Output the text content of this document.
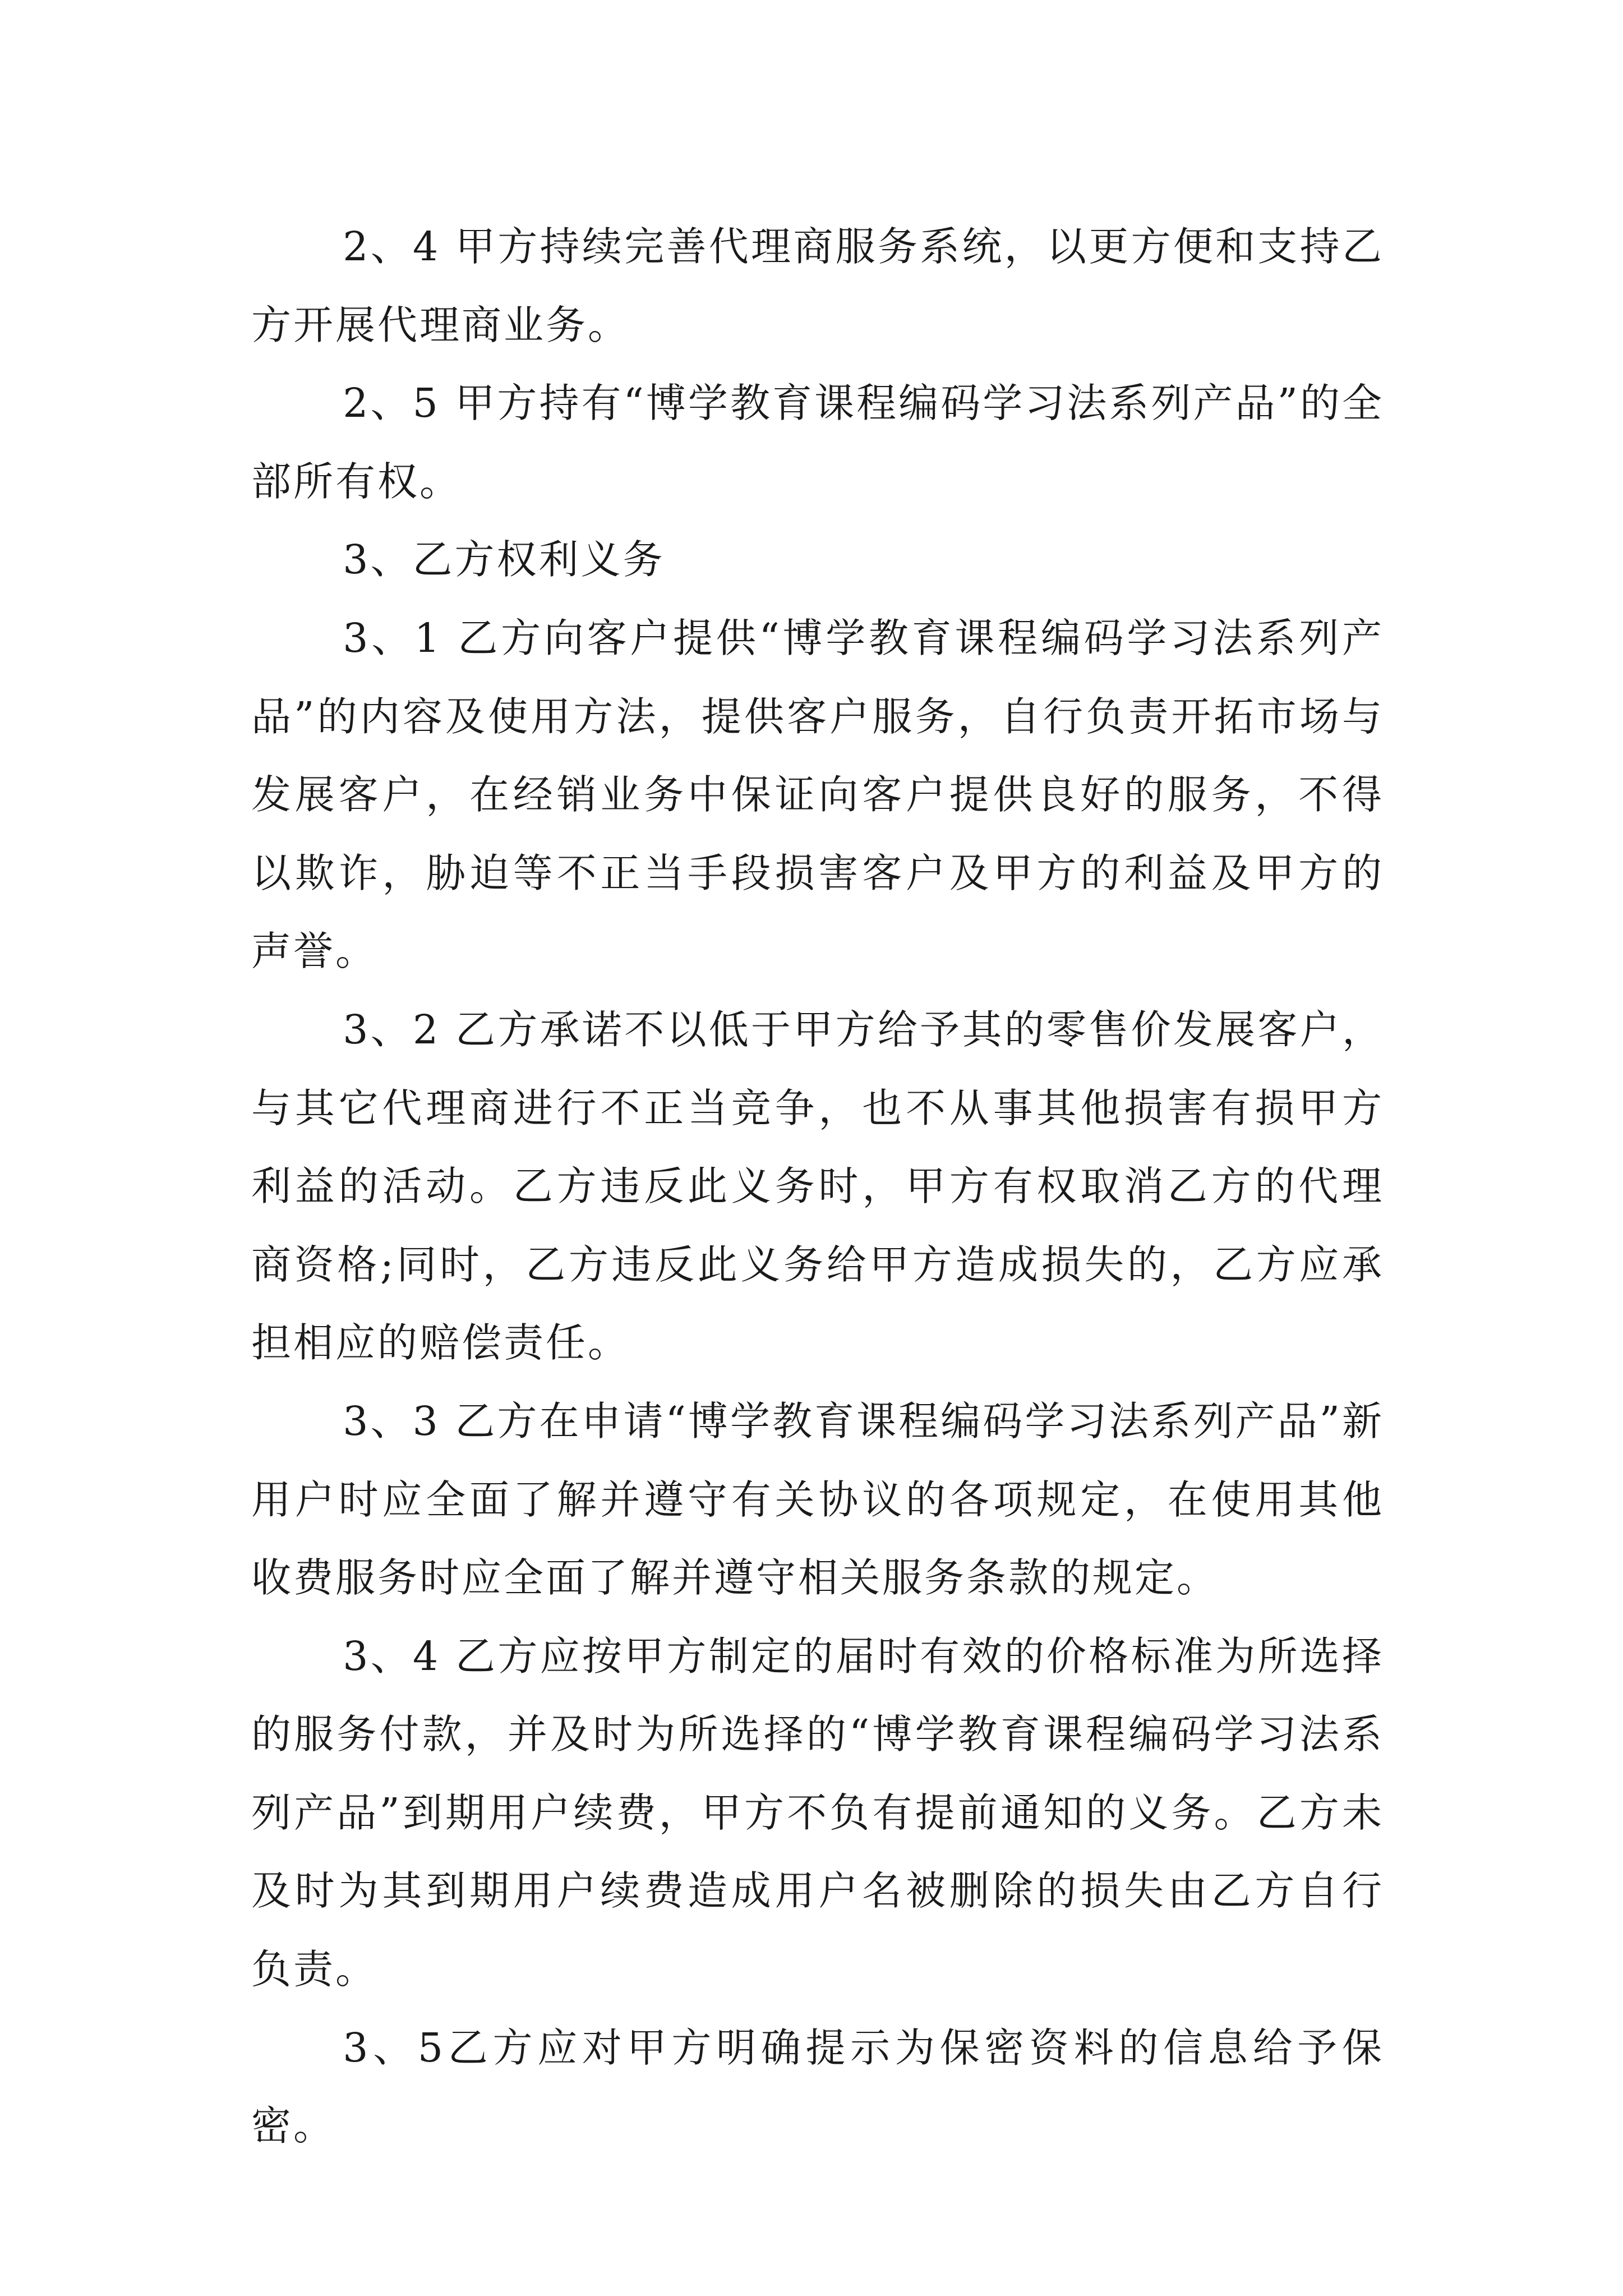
2、4 甲方持续完善代理商服务系统，以更方便和支持乙方开展代理商业务。

2、5 甲方持有“博学教育课程编码学习法系列产品”的全部所有权。

3、乙方权利义务

3、1 乙方向客户提供“博学教育课程编码学习法系列产品”的内容及使用方法，提供客户服务，自行负责开拓市场与发展客户，在经销业务中保证向客户提供良好的服务，不得以欺诈，胁迫等不正当手段损害客户及甲方的利益及甲方的声誉。

3、2 乙方承诺不以低于甲方给予其的零售价发展客户，与其它代理商进行不正当竞争，也不从事其他损害有损甲方利益的活动。乙方违反此义务时，甲方有权取消乙方的代理商资格;同时，乙方违反此义务给甲方造成损失的，乙方应承担相应的赔偿责任。

3、3 乙方在申请“博学教育课程编码学习法系列产品”新用户时应全面了解并遵守有关协议的各项规定，在使用其他收费服务时应全面了解并遵守相关服务条款的规定。

3、4 乙方应按甲方制定的届时有效的价格标准为所选择的服务付款，并及时为所选择的“博学教育课程编码学习法系列产品”到期用户续费，甲方不负有提前通知的义务。乙方未及时为其到期用户续费造成用户名被删除的损失由乙方自行负责。

3、5乙方应对甲方明确提示为保密资料的信息给予保密。
